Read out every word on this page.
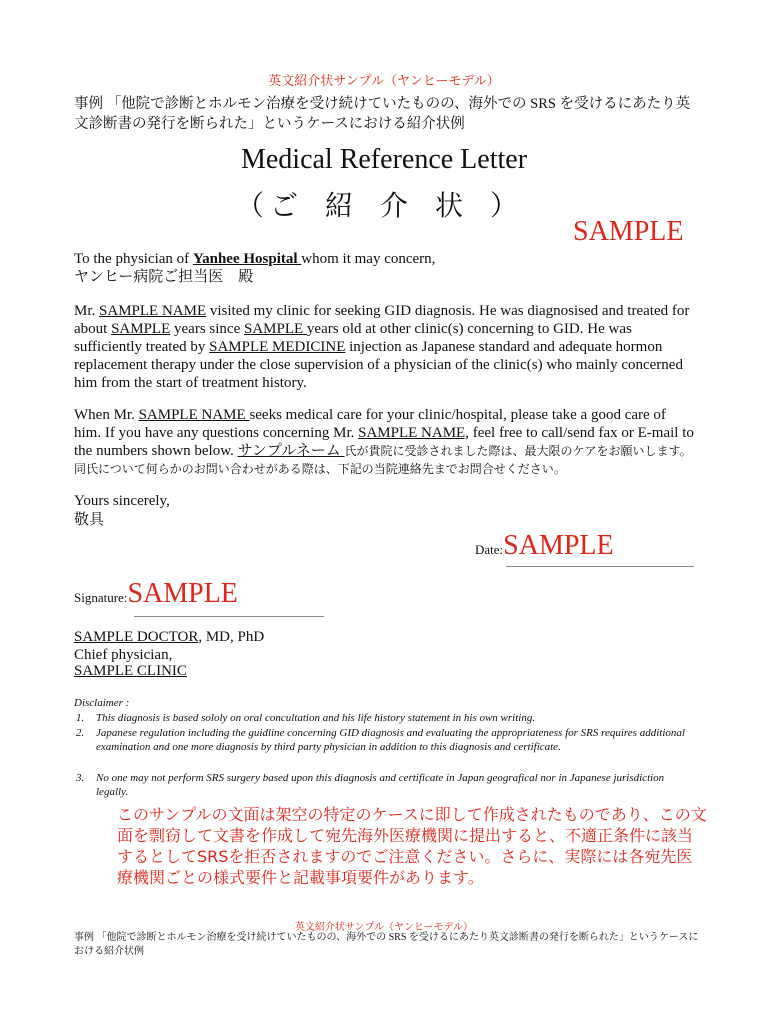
英文紹介状サンプル（ヤンヒーモデル）
事例 「他院で診断とホルモン治療を受け続けていたものの、海外での SRS を受けるにあたり英
文診断書の発行を断られた」というケースにおける紹介状例
Medical Reference Letter
（ご 紹 介 状 ）
SAMPLE
To the physician of Yanhee Hospital whom it may concern,
ヤンヒー病院ご担当医　殿
Mr. SAMPLE NAME visited my clinic for seeking GID diagnosis. He was diagnosised and treated for about SAMPLE years since SAMPLE years old at other clinic(s) concerning to GID. He was sufficiently treated by SAMPLE MEDICINE injection as Japanese standard and adequate hormon replacement therapy under the close supervision of a physician of the clinic(s) who mainly concerned him from the start of treatment history.
When Mr. SAMPLE NAME seeks medical care for your clinic/hospital, please take a good care of him. If you have any questions concerning Mr. SAMPLE NAME, feel free to call/send fax or E-mail to the numbers shown below. サンプルネーム 氏が貴院に受診されました際は、最大限のケアをお願いします。同氏について何らかのお問い合わせがある際は、下記の当院連絡先までお問合せください。
Yours sincerely,
敬具
Date:SAMPLE
Signature:SAMPLE
SAMPLE DOCTOR, MD, PhD
Chief physician,
SAMPLE CLINIC
Disclaimer :
1. This diagnosis is based sololy on oral concultation and his life history statement in his own writing.
2. Japanese regulation including the guidline concerning GID diagnosis and evaluating the appropriateness for SRS requires additional examination and one more diagnosis by third party physician in addition to this diagnosis and certificate.
3. No one may not perform SRS surgery based upon this diagnosis and certificate in Japan geografical nor in Japanese jurisdiction legally.
このサンプルの文面は架空の特定のケースに即して作成されたものであり、この文面を剽窃して文書を作成して宛先海外医療機関に提出すると、不適正条件に該当するとしてSRSを拒否されますのでご注意ください。さらに、実際には各宛先医療機関ごとの様式要件と記載事項要件があります。
英文紹介状サンプル（ヤンヒーモデル）
事例 「他院で診断とホルモン治療を受け続けていたものの、海外での SRS を受けるにあたり英文診断書の発行を断られた」というケースにおける紹介状例
